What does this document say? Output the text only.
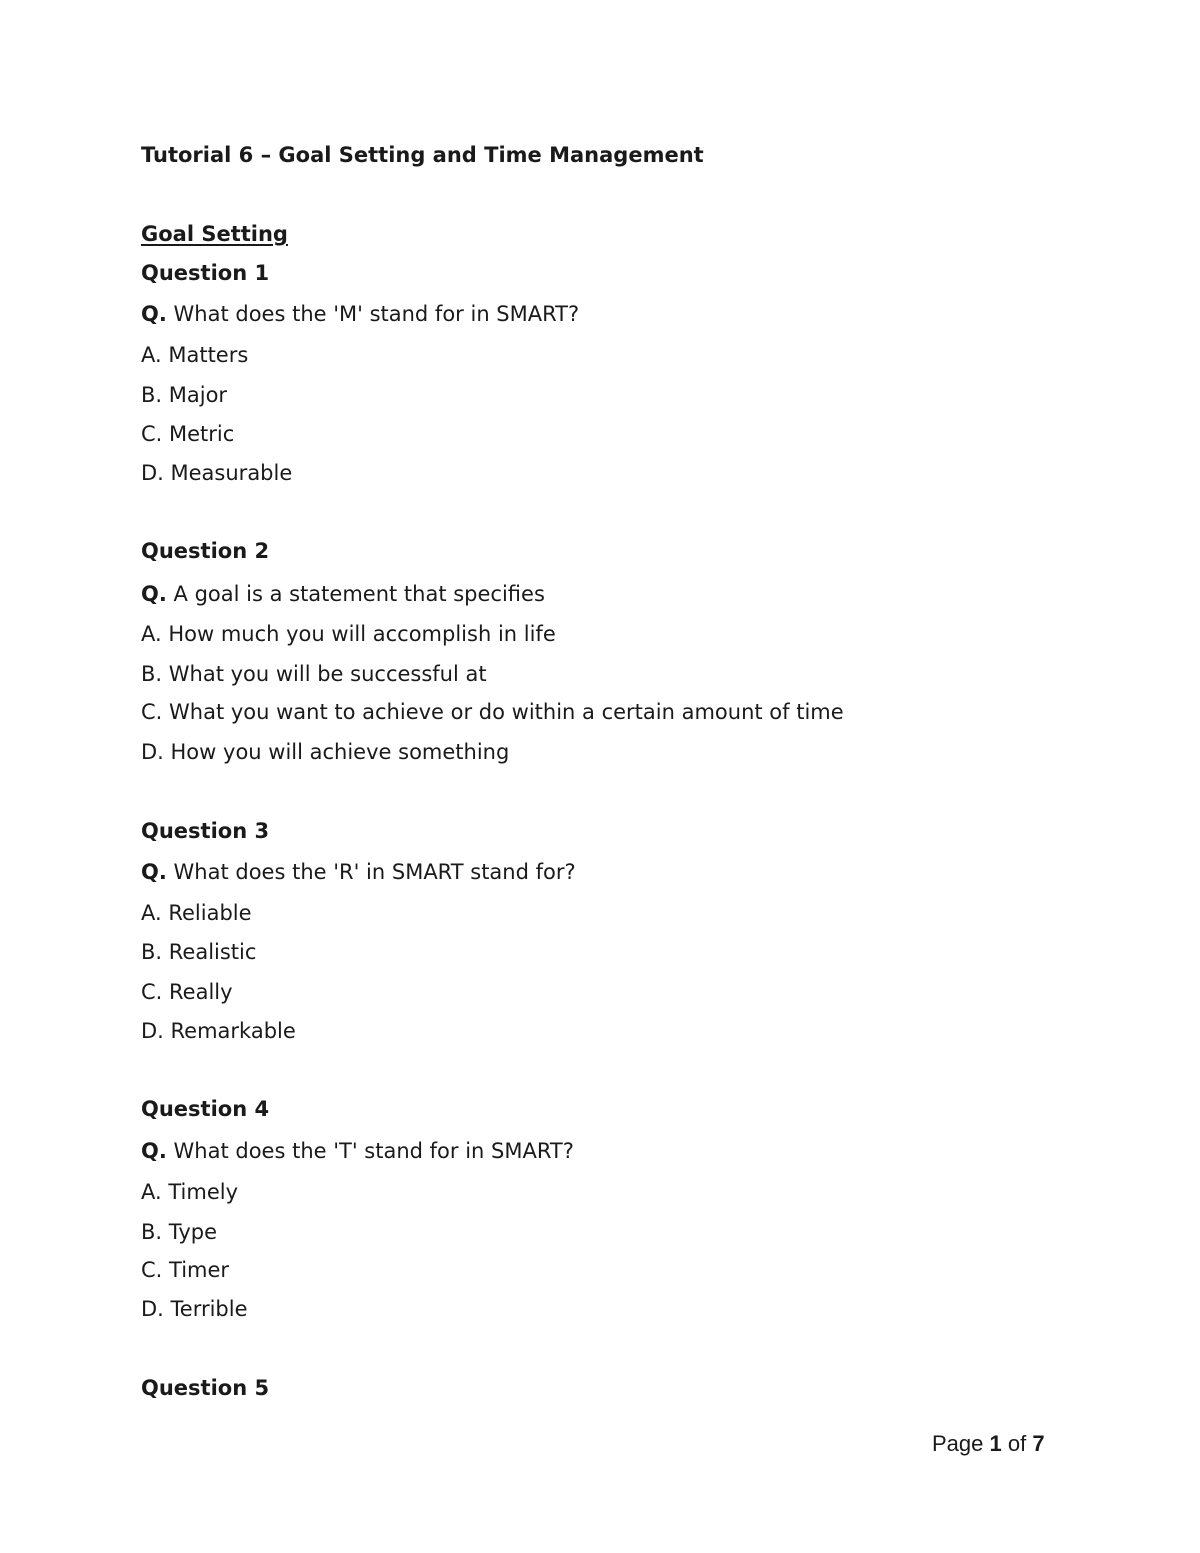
Tutorial 6 – Goal Setting and Time Management
Goal Setting
Question 1
Q. What does the 'M' stand for in SMART?
A. Matters
B. Major
C. Metric
D. Measurable
Question 2
Q. A goal is a statement that specifies
A. How much you will accomplish in life
B. What you will be successful at
C. What you want to achieve or do within a certain amount of time
D. How you will achieve something
Question 3
Q. What does the 'R' in SMART stand for?
A. Reliable
B. Realistic
C. Really
D. Remarkable
Question 4
Q. What does the 'T' stand for in SMART?
A. Timely
B. Type
C. Timer
D. Terrible
Question 5
Page 1 of 7
